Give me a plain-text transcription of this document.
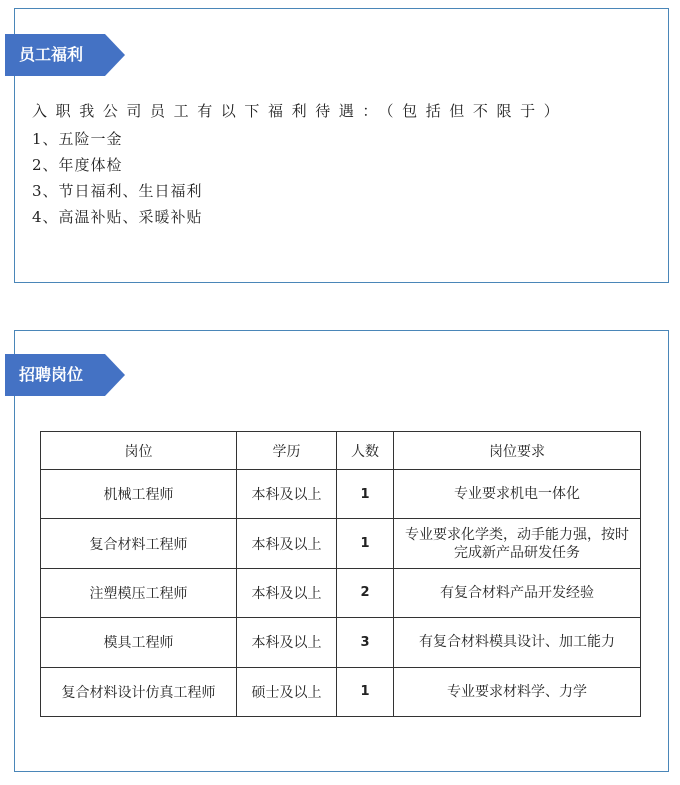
员工福利

入职我公司员工有以下福利待遇：（包括但不限于）

1、五险一金
2、年度体检
3、节日福利、生日福利
4、高温补贴、采暖补贴
招聘岗位
岗位	学历	人数	岗位要求
机械工程师	本科及以上	1	专业要求机电一体化
复合材料工程师	本科及以上	1	专业要求化学类，动手能力强，按时完成新产品研发任务
注塑模压工程师	本科及以上	2	有复合材料产品开发经验
模具工程师	本科及以上	3	有复合材料模具设计、加工能力
复合材料设计仿真工程师	硕士及以上	1	专业要求材料学、力学
